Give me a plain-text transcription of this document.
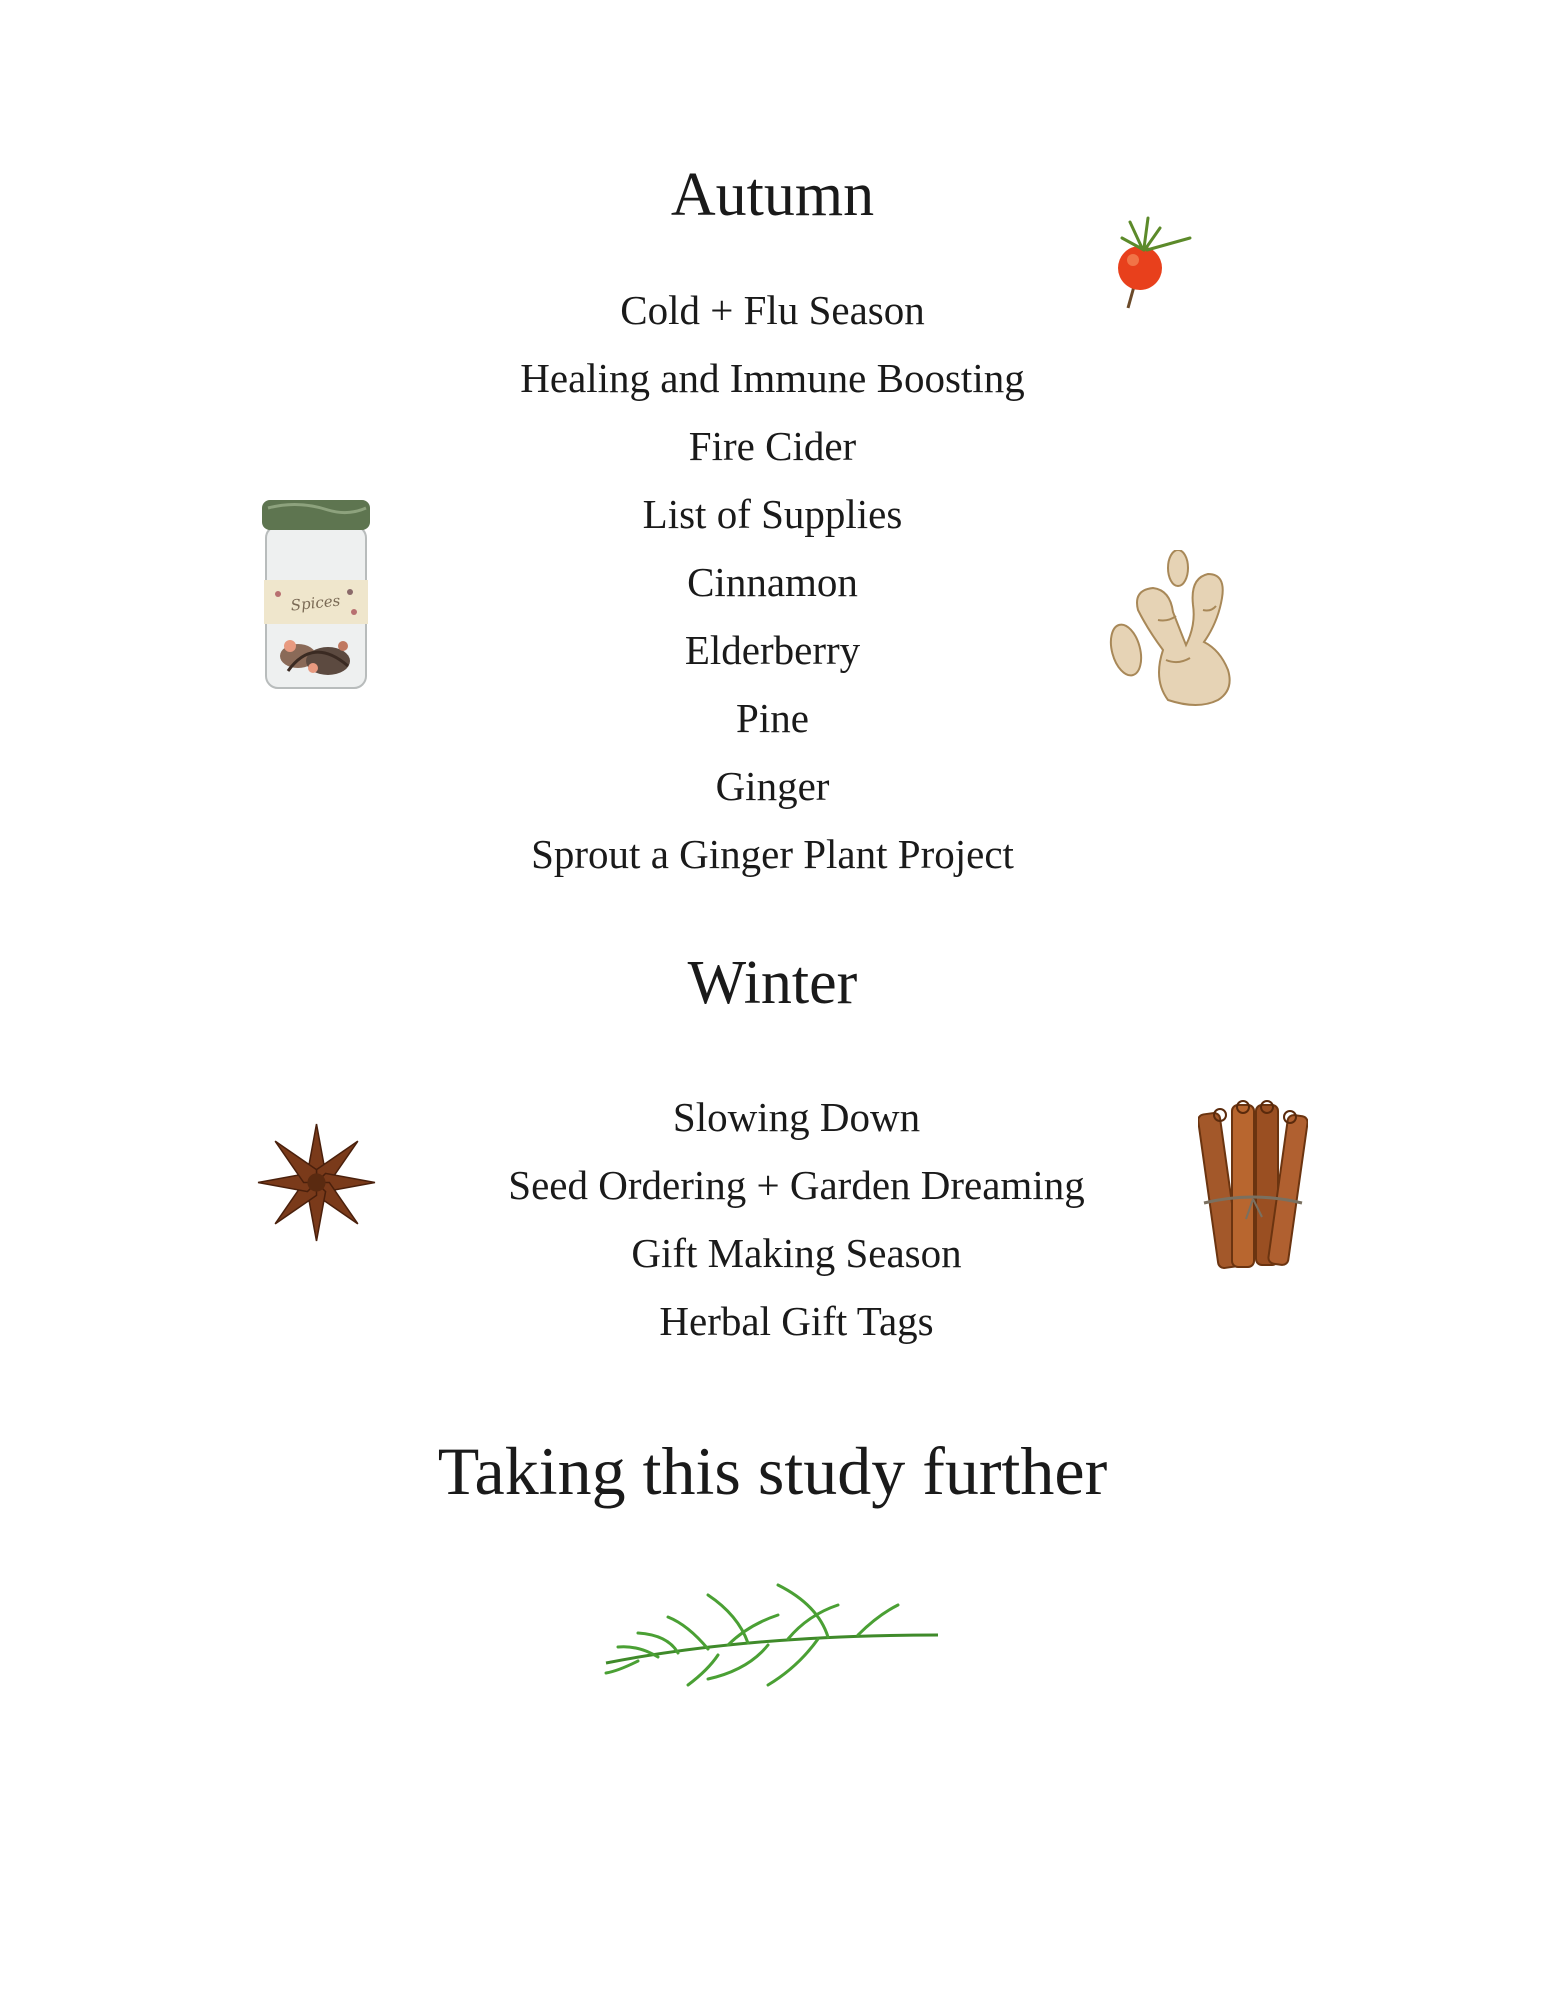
Autumn
Cold + Flu Season
Healing and Immune Boosting
Fire Cider
List of Supplies
Cinnamon
Elderberry
Pine
Ginger
Sprout a Ginger Plant Project
Winter
Slowing Down
Seed Ordering + Garden Dreaming
Gift Making Season
Herbal Gift Tags
Taking this study further
Spices
